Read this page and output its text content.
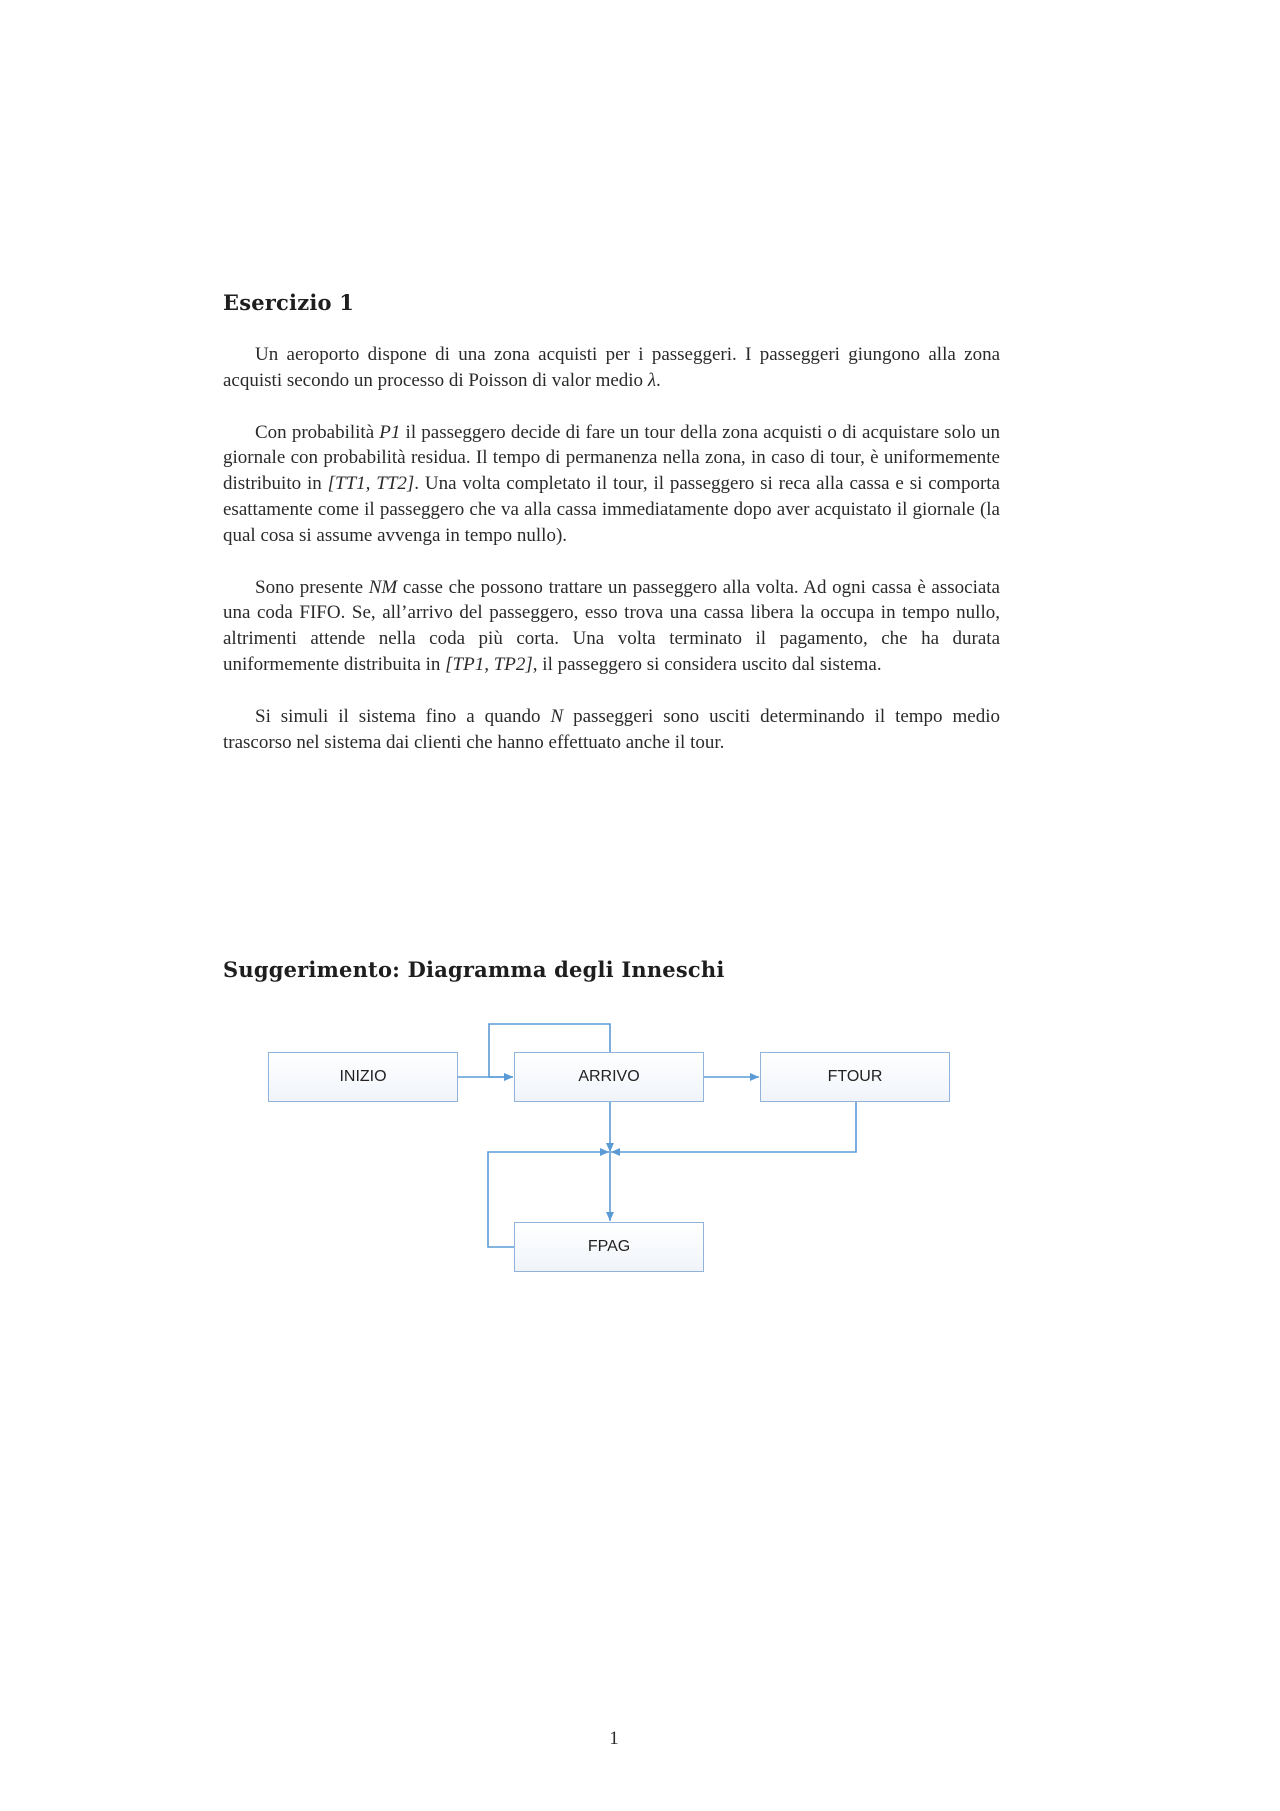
Esercizio 1

Un aeroporto dispone di una zona acquisti per i passeggeri. I passeggeri giungono alla zona acquisti secondo un processo di Poisson di valor medio λ.

Con probabilità P1 il passeggero decide di fare un tour della zona acquisti o di acquistare solo un giornale con probabilità residua. Il tempo di permanenza nella zona, in caso di tour, è uniformemente distribuito in [TT1, TT2]. Una volta completato il tour, il passeggero si reca alla cassa e si comporta esattamente come il passeggero che va alla cassa immediatamente dopo aver acquistato il giornale (la qual cosa si assume avvenga in tempo nullo).

Sono presente NM casse che possono trattare un passeggero alla volta. Ad ogni cassa è associata una coda FIFO. Se, all’arrivo del passeggero, esso trova una cassa libera la occupa in tempo nullo, altrimenti attende nella coda più corta. Una volta terminato il pagamento, che ha durata uniformemente distribuita in [TP1, TP2], il passeggero si considera uscito dal sistema.

Si simuli il sistema fino a quando N passeggeri sono usciti determinando il tempo medio trascorso nel sistema dai clienti che hanno effettuato anche il tour.

Suggerimento: Diagramma degli Inneschi
INIZIO	ARRIVO	FTOUR
FPAG
1
